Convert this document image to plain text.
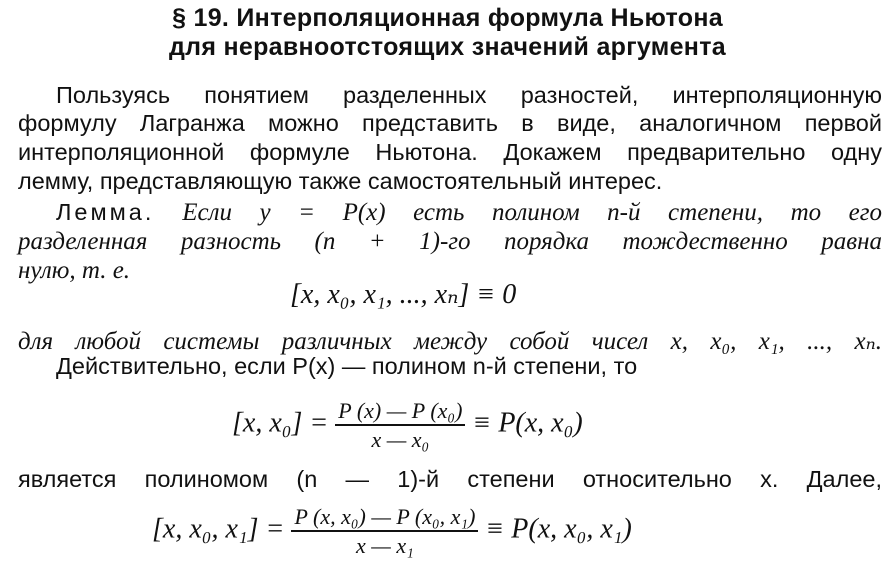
§ 19. Интерполяционная формула Ньютона
для неравноотстоящих значений аргумента
Пользуясь понятием разделенных разностей, интерполяционную
формулу Лагранжа можно представить в виде, аналогичном первой
интерполяционной формуле Ньютона. Докажем предварительно одну
лемму, представляющую также самостоятельный интерес.
Лемма. Если y = P(x) есть полином n-й степени, то его
разделенная разность (n + 1)-го порядка тождественно равна
нулю, т. е.
[x, x₀, x₁, ..., xₙ] ≡ 0
для любой системы различных между собой чисел x, x₀, x₁, ..., xₙ.
Действительно, если P(x) — полином n-й степени, то
[x, $x_0] = \frac{\text{P (x) — P (x₀)}}{\text{x — x₀}} \equiv P(x$, x₀)
является полиномом (n — 1)-й степени относительно x. Далее,
[x, x₀, $x_1] = \frac{\text{P (x, x₀) — P (x₀, x₁)}}{\text{x — x₁}} \equiv P(x$, x₀, x₁)
